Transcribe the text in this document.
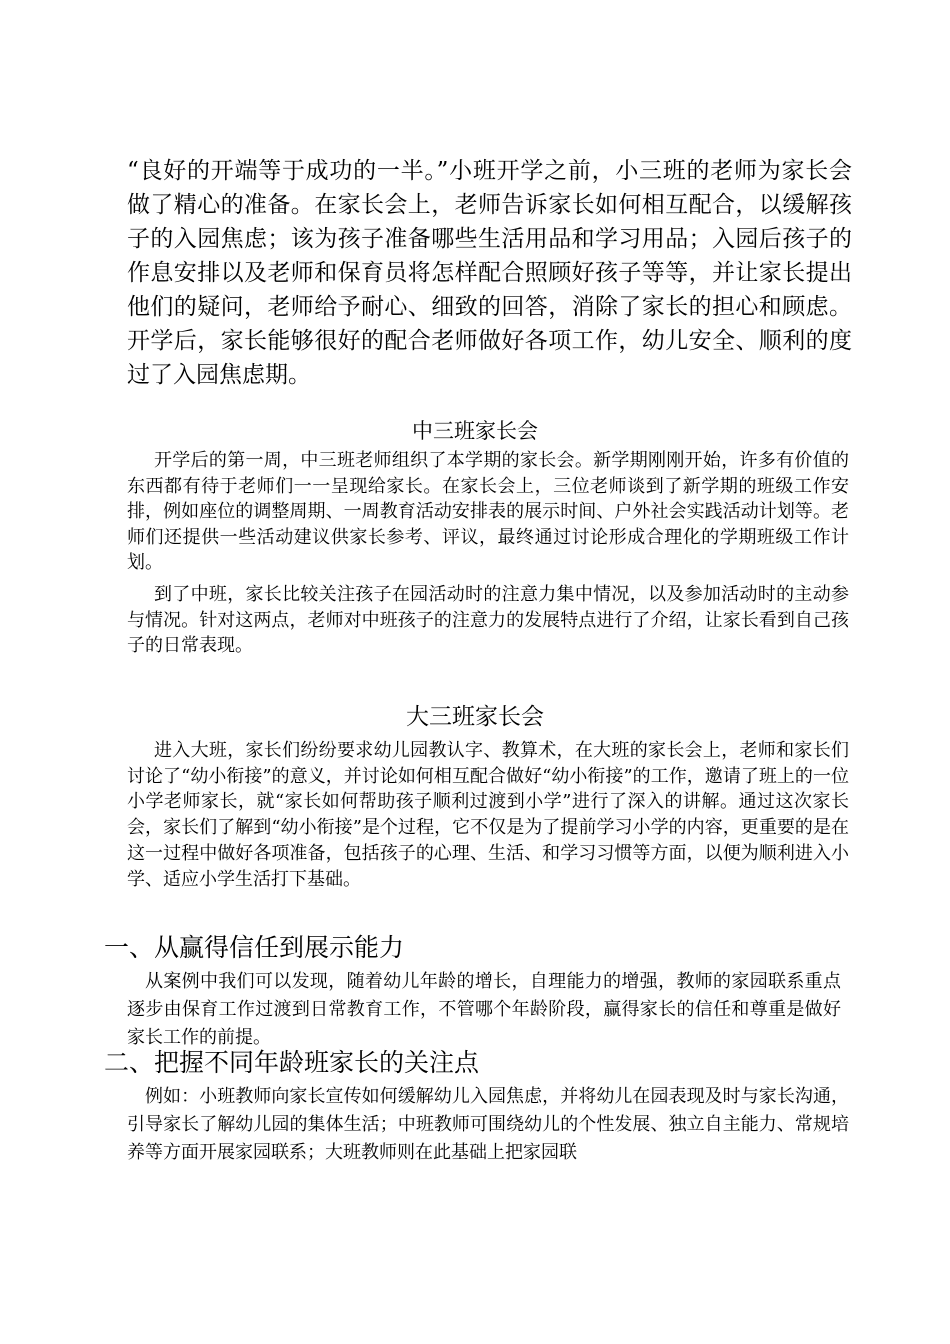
“良好的开端等于成功的一半。”小班开学之前，小三班的老师为家长会做了精心的准备。在家长会上，老师告诉家长如何相互配合，以缓解孩子的入园焦虑；该为孩子准备哪些生活用品和学习用品；入园后孩子的作息安排以及老师和保育员将怎样配合照顾好孩子等等，并让家长提出他们的疑问，老师给予耐心、细致的回答，消除了家长的担心和顾虑。开学后，家长能够很好的配合老师做好各项工作，幼儿安全、顺利的度过了入园焦虑期。

中三班家长会

开学后的第一周，中三班老师组织了本学期的家长会。新学期刚刚开始，许多有价值的东西都有待于老师们一一呈现给家长。在家长会上，三位老师谈到了新学期的班级工作安排，例如座位的调整周期、一周教育活动安排表的展示时间、户外社会实践活动计划等。老师们还提供一些活动建议供家长参考、评议，最终通过讨论形成合理化的学期班级工作计划。

到了中班，家长比较关注孩子在园活动时的注意力集中情况，以及参加活动时的主动参与情况。针对这两点，老师对中班孩子的注意力的发展特点进行了介绍，让家长看到自己孩子的日常表现。

大三班家长会

进入大班，家长们纷纷要求幼儿园教认字、教算术，在大班的家长会上，老师和家长们讨论了“幼小衔接”的意义，并讨论如何相互配合做好“幼小衔接”的工作，邀请了班上的一位小学老师家长，就“家长如何帮助孩子顺利过渡到小学”进行了深入的讲解。通过这次家长会，家长们了解到“幼小衔接”是个过程，它不仅是为了提前学习小学的内容，更重要的是在这一过程中做好各项准备，包括孩子的心理、生活、和学习习惯等方面，以便为顺利进入小学、适应小学生活打下基础。

一、从赢得信任到展示能力

从案例中我们可以发现，随着幼儿年龄的增长，自理能力的增强，教师的家园联系重点逐步由保育工作过渡到日常教育工作，不管哪个年龄阶段，赢得家长的信任和尊重是做好家长工作的前提。

二、把握不同年龄班家长的关注点

例如：小班教师向家长宣传如何缓解幼儿入园焦虑，并将幼儿在园表现及时与家长沟通，引导家长了解幼儿园的集体生活；中班教师可围绕幼儿的个性发展、独立自主能力、常规培养等方面开展家园联系；大班教师则在此基础上把家园联
